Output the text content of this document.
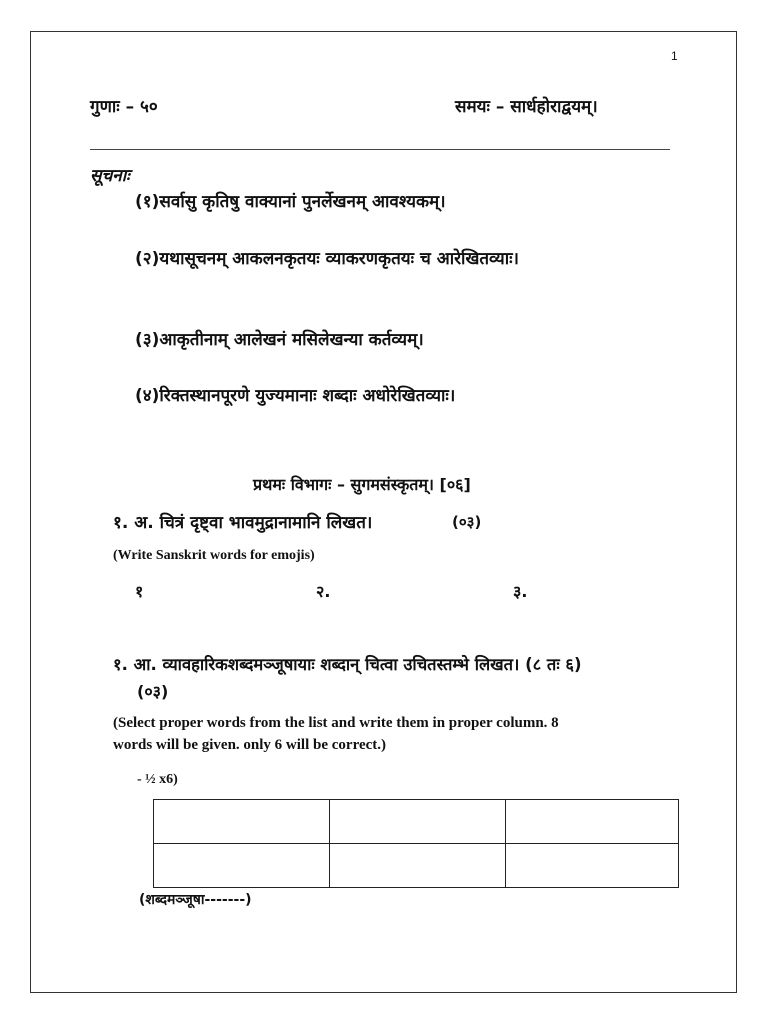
1
गुणाः – ५०	समयः – सार्धहोराद्वयम्।
सूचनाः
(१)सर्वासु कृतिषु वाक्यानां पुनर्लेखनम् आवश्यकम्।
(२)यथासूचनम् आकलनकृतयः व्याकरणकृतयः च आरेखितव्याः।
(३)आकृतीनाम् आलेखनं मसिलेखन्या कर्तव्यम्।
(४)रिक्तस्थानपूरणे युज्यमानाः शब्दाः अधोरेखितव्याः।
प्रथमः विभागः – सुगमसंस्कृतम्। [०६]
१. अ. चित्रं दृष्ट्वा भावमुद्रानामानि लिखत।	(०३)
(Write Sanskrit words for emojis)
१	२.	३.
१. आ. व्यावहारिकशब्दमञ्जूषायाः शब्दान् चित्वा उचितस्तम्भे लिखत। (८ तः ६)
(०३)
(Select proper words from the list and write them in proper column. 8
words will be given. only 6 will be correct.)
- ½ x6)

(शब्दमञ्जूषा-------)
